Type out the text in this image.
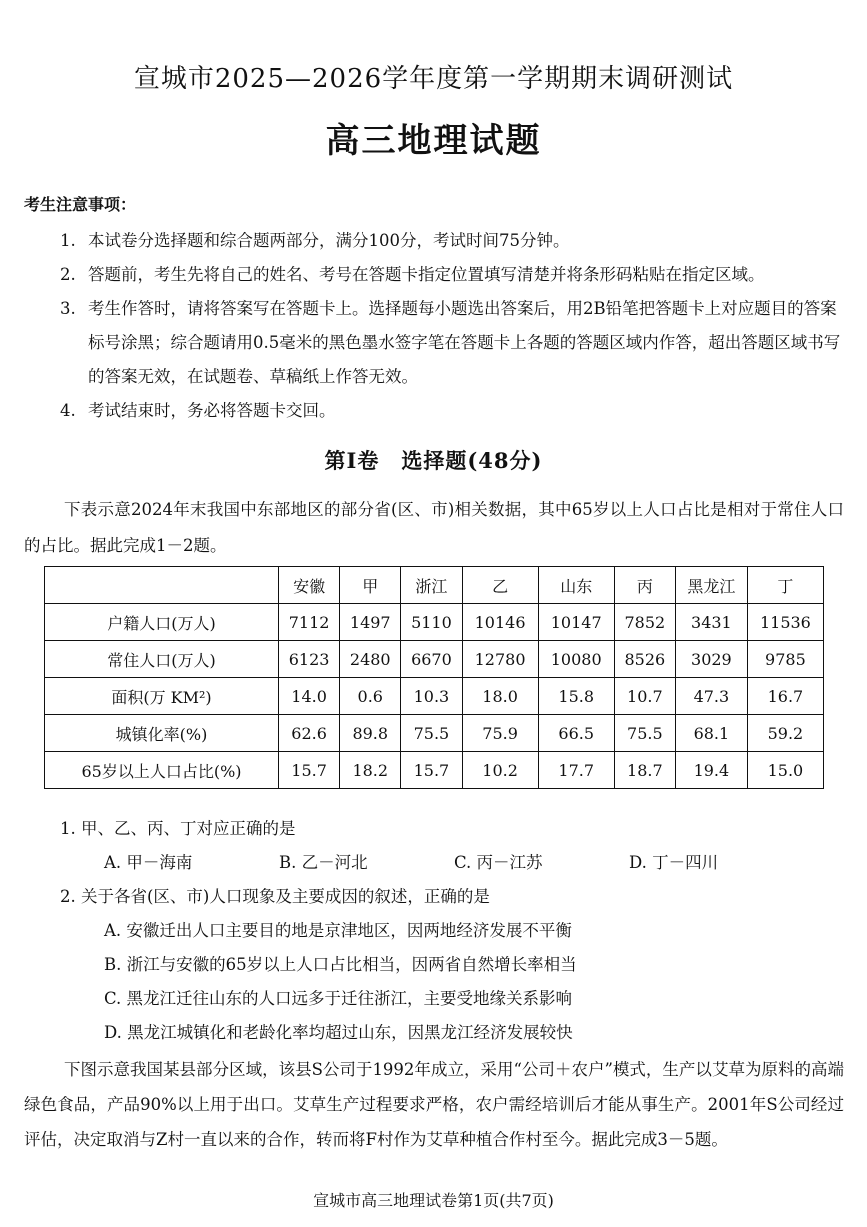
宣城市2025—2026学年度第一学期期末调研测试
高三地理试题
考生注意事项：
1. 本试卷分选择题和综合题两部分，满分100分，考试时间75分钟。
2. 答题前，考生先将自己的姓名、考号在答题卡指定位置填写清楚并将条形码粘贴在指定区域。
3. 考生作答时，请将答案写在答题卡上。选择题每小题选出答案后，用2B铅笔把答题卡上对应题目的答案标号涂黑；综合题请用0.5毫米的黑色墨水签字笔在答题卡上各题的答题区域内作答，超出答题区域书写的答案无效，在试题卷、草稿纸上作答无效。
4. 考试结束时，务必将答题卡交回。
第Ⅰ卷　选择题(48分)
下表示意2024年末我国中东部地区的部分省(区、市)相关数据，其中65岁以上人口占比是相对于常住人口的占比。据此完成1－2题。
	安徽	甲	浙江	乙	山东	丙	黑龙江	丁
户籍人口(万人)	7112	1497	5110	10146	10147	7852	3431	11536
常住人口(万人)	6123	2480	6670	12780	10080	8526	3029	9785
面积(万 KM²)	14.0	0.6	10.3	18.0	15.8	10.7	47.3	16.7
城镇化率(%)	62.6	89.8	75.5	75.9	66.5	75.5	68.1	59.2
65岁以上人口占比(%)	15.7	18.2	15.7	10.2	17.7	18.7	19.4	15.0
1. 甲、乙、丙、丁对应正确的是
A. 甲－海南	B. 乙－河北	C. 丙－江苏	D. 丁－四川
2. 关于各省(区、市)人口现象及主要成因的叙述，正确的是
A. 安徽迁出人口主要目的地是京津地区，因两地经济发展不平衡
B. 浙江与安徽的65岁以上人口占比相当，因两省自然增长率相当
C. 黑龙江迁往山东的人口远多于迁往浙江，主要受地缘关系影响
D. 黑龙江城镇化和老龄化率均超过山东，因黑龙江经济发展较快
下图示意我国某县部分区域，该县S公司于1992年成立，采用“公司＋农户”模式，生产以艾草为原料的高端绿色食品，产品90%以上用于出口。艾草生产过程要求严格，农户需经培训后才能从事生产。2001年S公司经过评估，决定取消与Z村一直以来的合作，转而将F村作为艾草种植合作村至今。据此完成3－5题。
宣城市高三地理试卷第1页(共7页)
